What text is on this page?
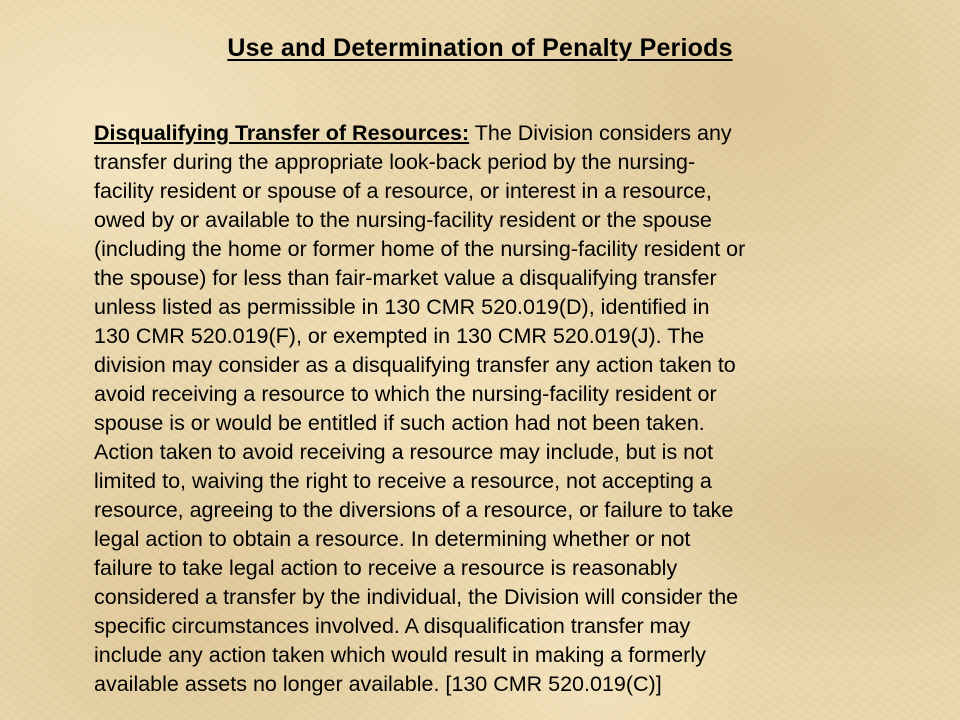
Use and Determination of Penalty Periods
Disqualifying Transfer of Resources: The Division considers any
transfer during the appropriate look-back period by the nursing-
facility resident or spouse of a resource, or interest in a resource,
owed by or available to the nursing-facility resident or the spouse
(including the home or former home of the nursing-facility resident or
the spouse) for less than fair-market value a disqualifying transfer
unless listed as permissible in 130 CMR 520.019(D), identified in
130 CMR 520.019(F), or exempted in 130 CMR 520.019(J). The
division may consider as a disqualifying transfer any action taken to
avoid receiving a resource to which the nursing-facility resident or
spouse is or would be entitled if such action had not been taken.
Action taken to avoid receiving a resource may include, but is not
limited to, waiving the right to receive a resource, not accepting a
resource, agreeing to the diversions of a resource, or failure to take
legal action to obtain a resource. In determining whether or not
failure to take legal action to receive a resource is reasonably
considered a transfer by the individual, the Division will consider the
specific circumstances involved. A disqualification transfer may
include any action taken which would result in making a formerly
available assets no longer available. [130 CMR 520.019(C)]
